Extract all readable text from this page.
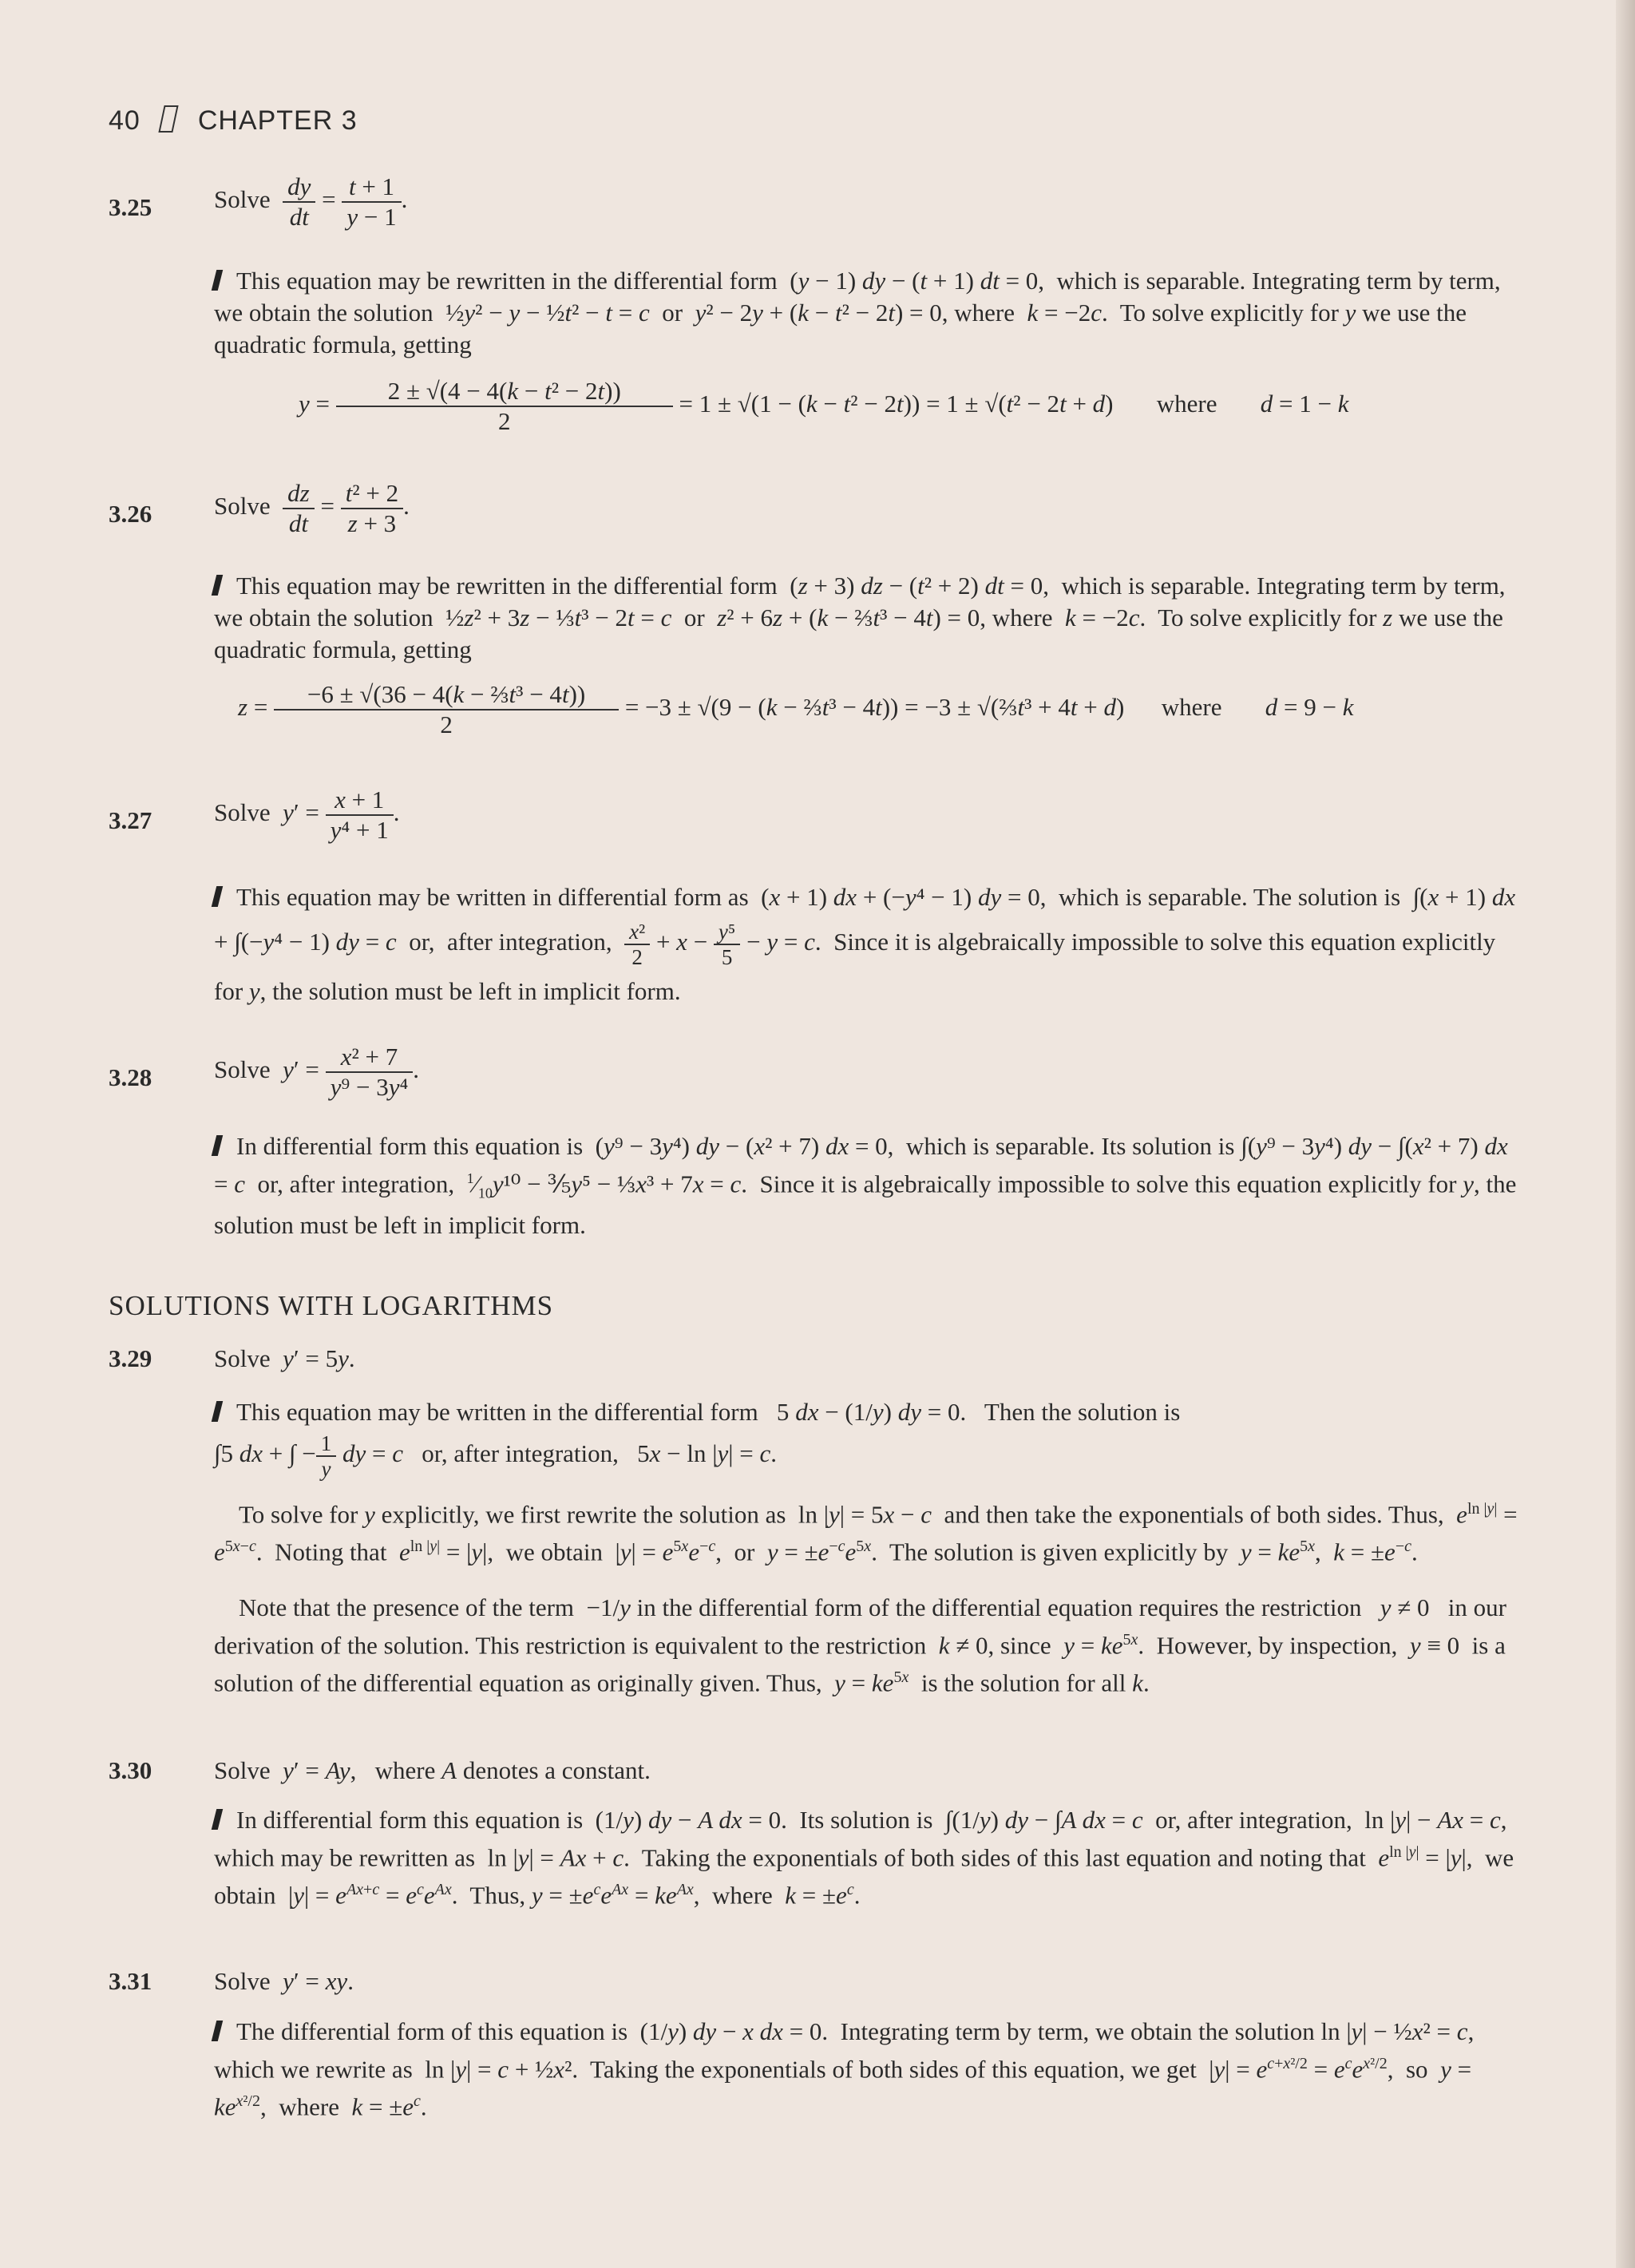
40 CHAPTER 3
3.25	Solve $\frac{dy}{dt} = \frac{t + 1}{y - 1}$ .
This equation may be rewritten in the differential form  (y − 1) dy − (t + 1) dt = 0,  which is separable. Integrating term by term, we obtain the solution  ½y² − y − ½t² − t = c  or  y² − 2y + (k − t² − 2t) = 0, where  k = −2c.  To solve explicitly for y we use the quadratic formula, getting
$y = \frac{\text{2 ± √(4 − 4(k − t² − 2t))}}{2} = 1 \pm √(1 - (k - t^2 - 2t)) = 1 \pm √(t^2 - 2t + d)$       where       d = 1 − k
3.26	Solve $\frac{dz}{dt} = \frac{\text{t² + 2}}{z + 3}$ .
This equation may be rewritten in the differential form  (z + 3) dz − (t² + 2) dt = 0,  which is separable. Integrating term by term, we obtain the solution  ½z² + 3z − ⅓t³ − 2t = c  or  z² + 6z + (k − ⅔t³ − 4t) = 0, where  k = −2c.  To solve explicitly for z we use the quadratic formula, getting
$z = \frac{\text{−6 ± √(36 − 4(k − ⅔t³ − 4t))}}{2} = -3 \pm √(9 - (k$ − ⅔t³ − 4t)) = −3 ± √(⅔t³ + 4t + d)      where       d = 9 − k
3.27	Solve  $y' = \frac{x + 1}{\text{y⁴ + 1}}$ .
This equation may be written in differential form as  (x + 1) dx + (−y⁴ − 1) dy = 0,  which is separable. The solution is  ∫(x + 1) dx + ∫(−y⁴ − 1) dy = c  or,  after integration, $\frac{\text{x²}}{2} + x - \frac{\text{y⁵}}{5} - y = c$.  Since it is algebraically impossible to solve this equation explicitly for y, the solution must be left in implicit form.
3.28	Solve  $y' = \frac{\text{x² + 7}}{\text{y⁹ − 3y⁴}}$ .
In differential form this equation is  (y⁹ − 3y⁴) dy − (x² + 7) dx = 0,  which is separable. Its solution is ∫(y⁹ − 3y⁴) dy − ∫(x² + 7) dx = c  or, after integration,  $^1⁄_{10}y^{10}$ − ⅗y⁵ − ⅓x³ + 7x = c.  Since it is algebraically impossible to solve this equation explicitly for y, the solution must be left in implicit form.
SOLUTIONS WITH LOGARITHMS
3.29	Solve  y′ = 5y.
This equation may be written in the differential form   5 dx − (1/y) dy = 0.   Then the solution is
∫5 dx + ∫ − $\frac{1}{y}$ dy = c   or, after integration,   5x − ln |y| = c.
To solve for y explicitly, we first rewrite the solution as  ln |y| = 5x − c  and then take the exponentials of both sides. Thus,  $e^{ln |y|} = e^{5x-c}$.  Noting that  $e^{ln |y|} = |y|$,  we obtain  $|y| = e^{5x}e^{-c}$,  or  $y = \pm e^{-c}e^{5x}$.  The solution is given explicitly by  $y = ke^{5x}$,  $k = \pm e^{-c}$.
Note that the presence of the term  −1/y in the differential form of the differential equation requires the restriction   y ≠ 0   in our derivation of the solution. This restriction is equivalent to the restriction  k ≠ 0, since  $y = ke^{5x}$.  However, by inspection,  y ≡ 0  is a solution of the differential equation as originally given. Thus,  $y = ke^{5x}$  is the solution for all k.
3.30	Solve  y′ = Ay,   where A denotes a constant.
In differential form this equation is  (1/y) dy − A dx = 0.  Its solution is  ∫(1/y) dy − ∫A dx = c  or, after integration,  ln |y| − Ax = c,  which may be rewritten as  ln |y| = Ax + c.  Taking the exponentials of both sides of this last equation and noting that  $e^{ln |y|} = |y|$,  we obtain  $|y| = e^{Ax+c} = e^ce^{Ax}$.  Thus, $y = \pm e^ce^{Ax} = ke^{Ax}$,  where  $k = \pm e^c$.
3.31	Solve  y′ = xy.
The differential form of this equation is  (1/y) dy − x dx = 0.  Integrating term by term, we obtain the solution ln |y| − ½x² = c,  which we rewrite as  ln |y| = c + ½x².  Taking the exponentials of both sides of this equation, we get  $|y| = e^{c+x^2/2} = e^ce^{x^2/2}$,  so  $y = ke^{x^2/2}$,  where  $k = \pm e^c$.
